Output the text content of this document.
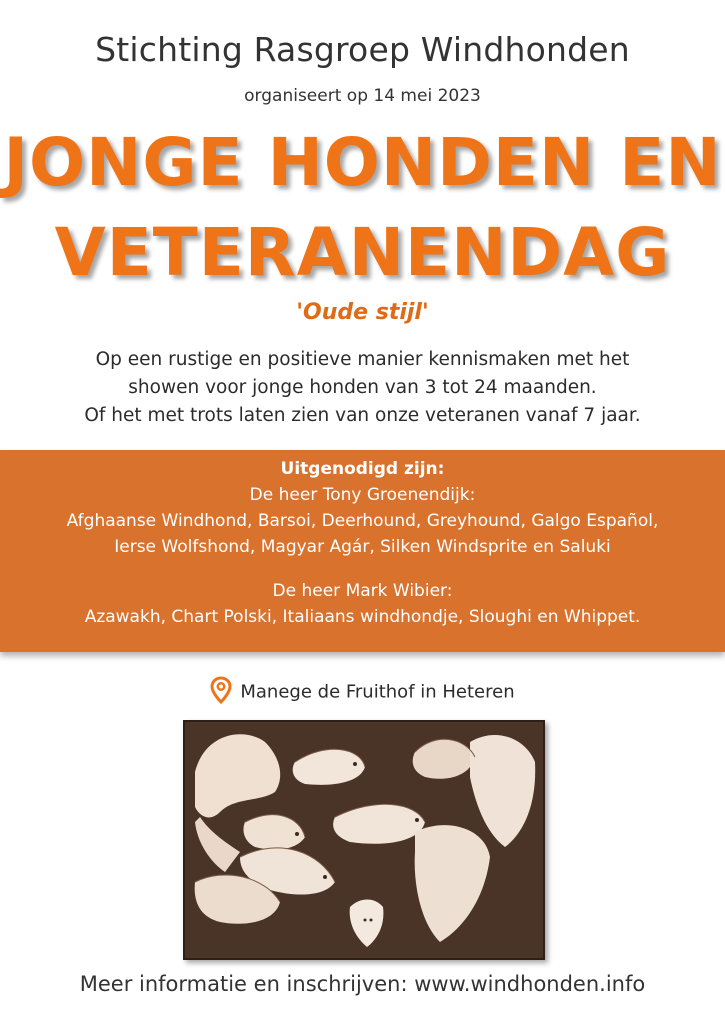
Stichting Rasgroep Windhonden
organiseert op 14 mei 2023
JONGE HONDEN EN
VETERANENDAG
'Oude stijl'
Op een rustige en positieve manier kennismaken met het
showen voor jonge honden van 3 tot 24 maanden.
Of het met trots laten zien van onze veteranen vanaf 7 jaar.
Uitgenodigd zijn:
De heer Tony Groenendijk:
Afghaanse Windhond, Barsoi, Deerhound, Greyhound, Galgo Español,
Ierse Wolfshond, Magyar Agár, Silken Windsprite en Saluki
De heer Mark Wibier:
Azawakh, Chart Polski, Italiaans windhondje, Sloughi en Whippet.
Manege de Fruithof in Heteren
Meer informatie en inschrijven: www.windhonden.info
